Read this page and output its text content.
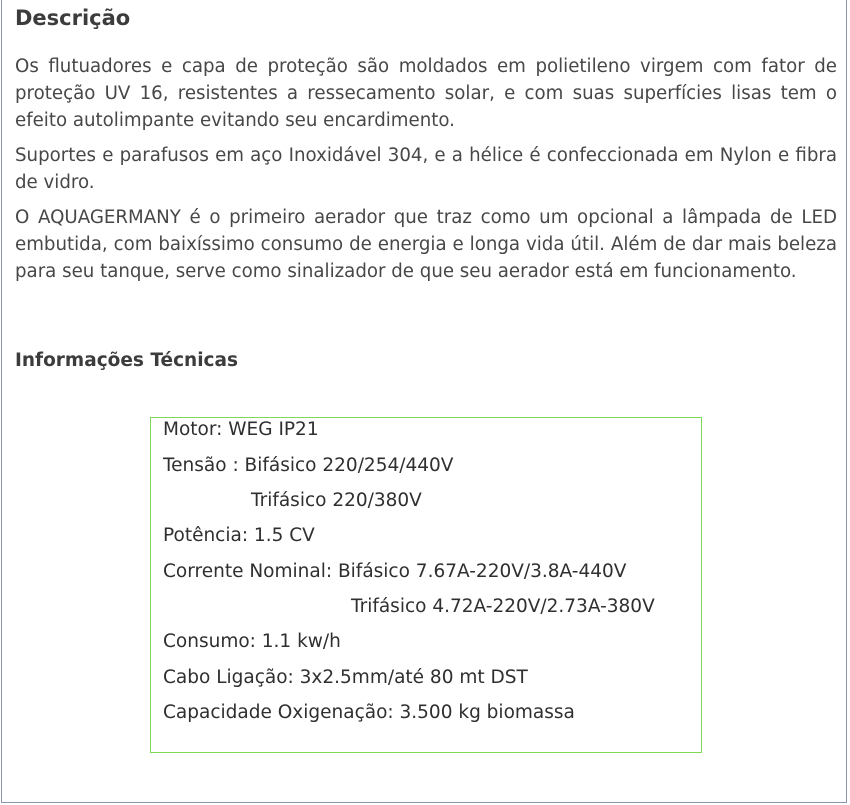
Descrição

Os flutuadores e capa de proteção são moldados em polietileno virgem com fator de proteção UV 16, resistentes a ressecamento solar, e com suas superfícies lisas tem o efeito autolimpante evitando seu encardimento.

Suportes e parafusos em aço Inoxidável 304, e a hélice é confeccionada em Nylon e fibra de vidro.

O AQUAGERMANY é o primeiro aerador que traz como um opcional a lâmpada de LED embutida, com baixíssimo consumo de energia e longa vida útil. Além de dar mais beleza para seu tanque, serve como sinalizador de que seu aerador está em funcionamento.

Informações Técnicas

Motor: WEG IP21

Tensão : Bifásico 220/254/440V

Trifásico 220/380V

Potência: 1.5 CV

Corrente Nominal: Bifásico 7.67A-220V/3.8A-440V

Trifásico 4.72A-220V/2.73A-380V

Consumo: 1.1 kw/h

Cabo Ligação: 3x2.5mm/até 80 mt DST

Capacidade Oxigenação: 3.500 kg biomassa
